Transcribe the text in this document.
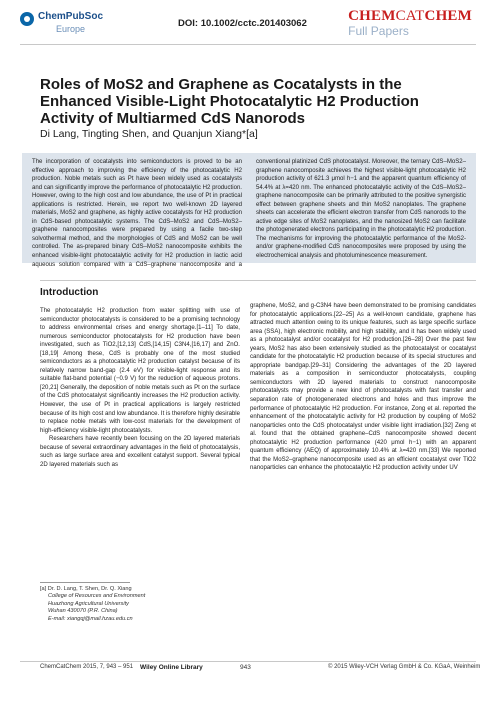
ChemPubSoc
Europe	DOI: 10.1002/cctc.201403062	CHEMCATCHEM
Full Papers
Roles of MoS2 and Graphene as Cocatalysts in the Enhanced Visible-Light Photocatalytic H2 Production Activity of Multiarmed CdS Nanorods
Di Lang, Tingting Shen, and Quanjun Xiang*[a]
The incorporation of cocatalysts into semiconductors is proved to be an effective approach to improving the efficiency of the photocatalytic H2 production. Noble metals such as Pt have been widely used as cocatalysts and can significantly improve the performance of photocatalytic H2 production. However, owing to the high cost and low abundance, the use of Pt in practical applications is restricted. Herein, we report two well-known 2D layered materials, MoS2 and graphene, as highly active cocatalysts for H2 production in CdS-based photocatalytic systems. The CdS–MoS2 and CdS–MoS2–graphene nanocomposites were prepared by using a facile two-step solvothermal method, and the morphologies of CdS and MoS2 can be well controlled. The as-prepared binary CdS–MoS2 nanocomposite exhibits the enhanced visible-light photocatalytic activity for H2 production in lactic acid aqueous solution compared with a CdS–graphene nanocomposite and a conventional platinized CdS photocatalyst. Moreover, the ternary CdS–MoS2–graphene nanocomposite achieves the highest visible-light photocatalytic H2 production activity of 621.3 μmol h−1 and the apparent quantum efficiency of 54.4% at λ=420 nm. The enhanced photocatalytic activity of the CdS–MoS2–graphene nanocomposite can be primarily attributed to the positive synergistic effect between graphene sheets and thin MoS2 nanoplates. The graphene sheets can accelerate the efficient electron transfer from CdS nanorods to the active edge sites of MoS2 nanoplates, and the nanosized MoS2 can facilitate the photogenerated electrons participating in the photocatalytic H2 production. The mechanisms for improving the photocatalytic performance of the MoS2- and/or graphene-modified CdS nanocomposites were proposed by using the electrochemical analysis and photoluminescence measurement.
Introduction

The photocatalytic H2 production from water splitting with use of semiconductor photocatalysts is considered to be a promising technology to address environmental crises and energy shortage.[1–11] To date, numerous semiconductor photocatalysts for H2 production have been investigated, such as TiO2,[12,13] CdS,[14,15] C3N4,[16,17] and ZnO.[18,19] Among these, CdS is probably one of the most studied semiconductors as a photocatalytic H2 production catalyst because of its relatively narrow band-gap (2.4 eV) for visible-light response and its suitable flat-band potential (−0.9 V) for the reduction of aqueous protons.[20,21] Generally, the deposition of noble metals such as Pt on the surface of the CdS photocatalyst significantly increases the H2 production activity. However, the use of Pt in practical applications is largely restricted because of its high cost and low abundance. It is therefore highly desirable to replace noble metals with low-cost materials for the development of high-efficiency visible-light photocatalysts.

Researchers have recently been focusing on the 2D layered materials because of several extraordinary advantages in the field of photocatalysis, such as large surface area and excellent catalyst support. Several typical 2D layered materials such as

graphene, MoS2, and g-C3N4 have been demonstrated to be promising candidates for photocatalytic applications.[22–25] As a well-known candidate, graphene has attracted much attention owing to its unique features, such as large specific surface area (SSA), high electronic mobility, and high stability, and it has been widely used as a photocatalyst and/or cocatalyst for H2 production.[26–28] Over the past few years, MoS2 has also been extensively studied as the photocatalyst or cocatalyst candidate for the photocatalytic H2 production because of its special structures and appropriate bandgap.[29–31] Considering the advantages of the 2D layered materials as a composition in semiconductor photocatalysts, coupling semiconductors with 2D layered materials to construct nanocomposite photocatalysts may provide a new kind of photocatalysts with fast transfer and separation rate of photogenerated electrons and holes and thus improve the performance of photocatalytic H2 production. For instance, Zong et al. reported the enhancement of the photocatalytic activity for H2 production by coupling of MoS2 nanoparticles onto the CdS photocatalyst under visible light irradiation.[32] Zeng et al. found that the obtained graphene–CdS nanocomposite showed decent photocatalytic H2 production performance (420 μmol h−1) with an apparent quantum efficiency (AEQ) of approximately 10.4% at λ=420 nm.[33] We reported that the MoS2–graphene nanocomposite used as an efficient cocatalyst over TiO2 nanoparticles can enhance the photocatalytic H2 production activity under UV

[a] Dr. D. Lang, T. Shen, Dr. Q. Xiang
College of Resources and Environment
Huazhong Agricultural University
Wuhan 430070 (P.R. China)
E-mail: xiangqj@mail.hzau.edu.cn
ChemCatChem 2015, 7, 943 – 951 Wiley Online Library	943	© 2015 Wiley-VCH Verlag GmbH & Co. KGaA, Weinheim
